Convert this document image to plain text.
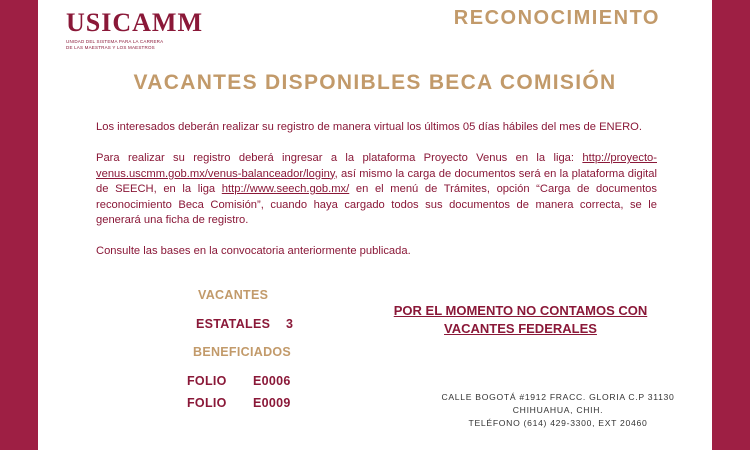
USICAMM
UNIDAD DEL SISTEMA PARA LA CARRERA
DE LAS MAESTRAS Y LOS MAESTROS
RECONOCIMIENTO
VACANTES DISPONIBLES BECA COMISIÓN

Los interesados deberán realizar su registro de manera virtual los últimos 05 días hábiles del mes de ENERO.

Para realizar su registro deberá ingresar a la plataforma Proyecto Venus en la liga: http://proyecto-venus.uscmm.gob.mx/venus-balanceador/loginy, así mismo la carga de documentos será en la plataforma digital de SEECH, en la liga http://www.seech.gob.mx/ en el menú de Trámites, opción “Carga de documentos reconocimiento Beca Comisión”, cuando haya cargado todos sus documentos de manera correcta, se le generará una ficha de registro.

Consulte las bases en la convocatoria anteriormente publicada.

VACANTES
ESTATALES 3
BENEFICIADOS
FOLIO E0006
FOLIO E0009
POR EL MOMENTO NO CONTAMOS CON
VACANTES FEDERALES
CALLE BOGOTÁ #1912 FRACC. GLORIA C.P 31130
CHIHUAHUA, CHIH.
TELÉFONO (614) 429-3300, EXT 20460
